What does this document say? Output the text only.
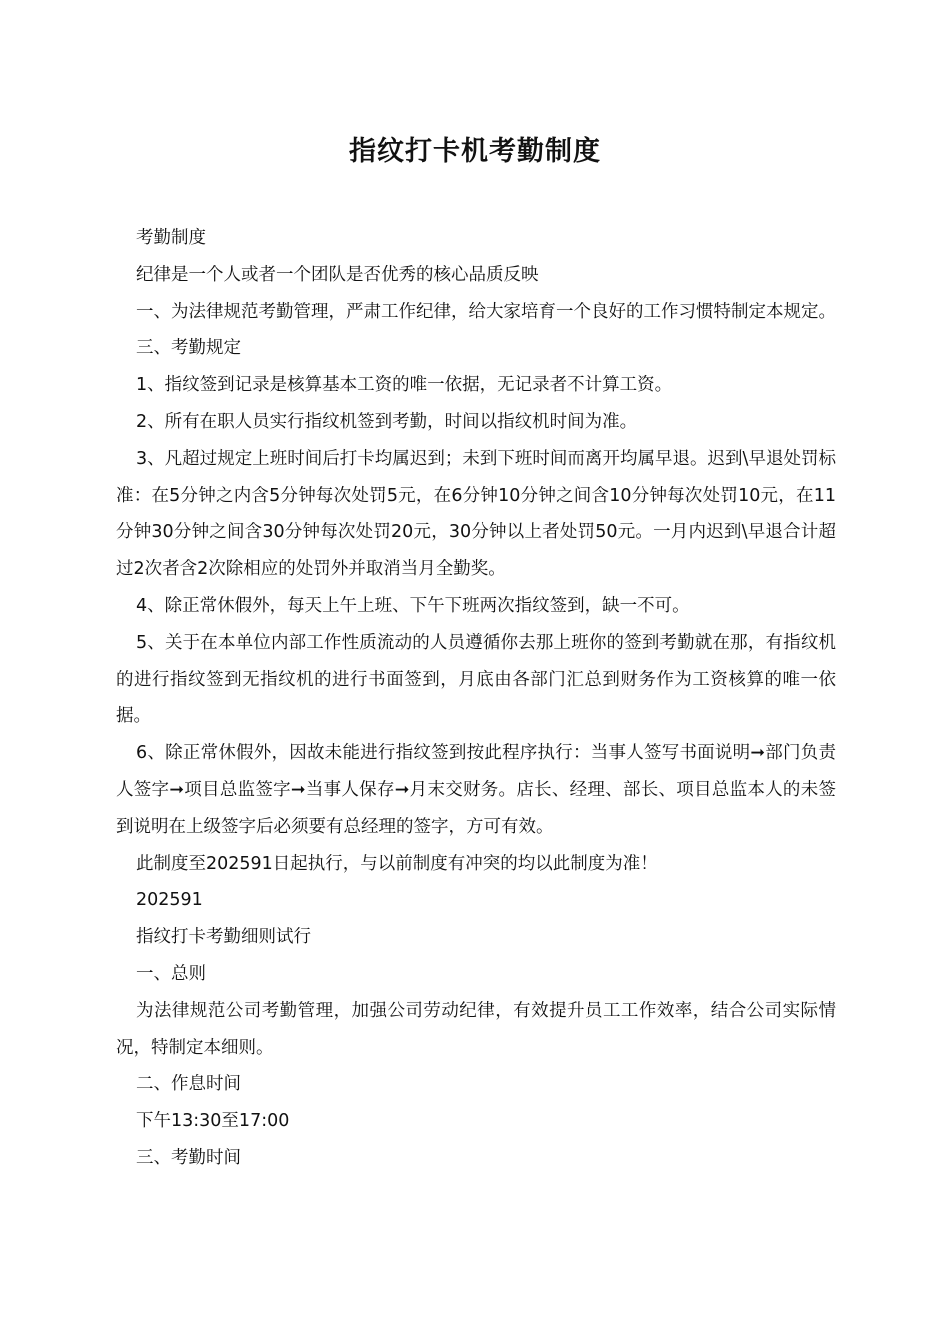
指纹打卡机考勤制度

考勤制度

纪律是一个人或者一个团队是否优秀的核心品质反映

一、为法律规范考勤管理，严肃工作纪律，给大家培育一个良好的工作习惯特制定本规定。

三、考勤规定

1、指纹签到记录是核算基本工资的唯一依据，无记录者不计算工资。

2、所有在职人员实行指纹机签到考勤，时间以指纹机时间为准。

3、凡超过规定上班时间后打卡均属迟到；未到下班时间而离开均属早退。迟到\早退处罚标准：在5分钟之内含5分钟每次处罚5元，在6分钟10分钟之间含10分钟每次处罚10元，在11分钟30分钟之间含30分钟每次处罚20元，30分钟以上者处罚50元。一月内迟到\早退合计超过2次者含2次除相应的处罚外并取消当月全勤奖。

4、除正常休假外，每天上午上班、下午下班两次指纹签到，缺一不可。

5、关于在本单位内部工作性质流动的人员遵循你去那上班你的签到考勤就在那，有指纹机的进行指纹签到无指纹机的进行书面签到，月底由各部门汇总到财务作为工资核算的唯一依据。

6、除正常休假外，因故未能进行指纹签到按此程序执行：当事人签写书面说明➞部门负责人签字➞项目总监签字➞当事人保存➞月末交财务。店长、经理、部长、项目总监本人的未签到说明在上级签字后必须要有总经理的签字，方可有效。

此制度至202591日起执行，与以前制度有冲突的均以此制度为准！

202591

指纹打卡考勤细则试行

一、总则

为法律规范公司考勤管理，加强公司劳动纪律，有效提升员工工作效率，结合公司实际情况，特制定本细则。

二、作息时间

下午13:30至17:00

三、考勤时间
